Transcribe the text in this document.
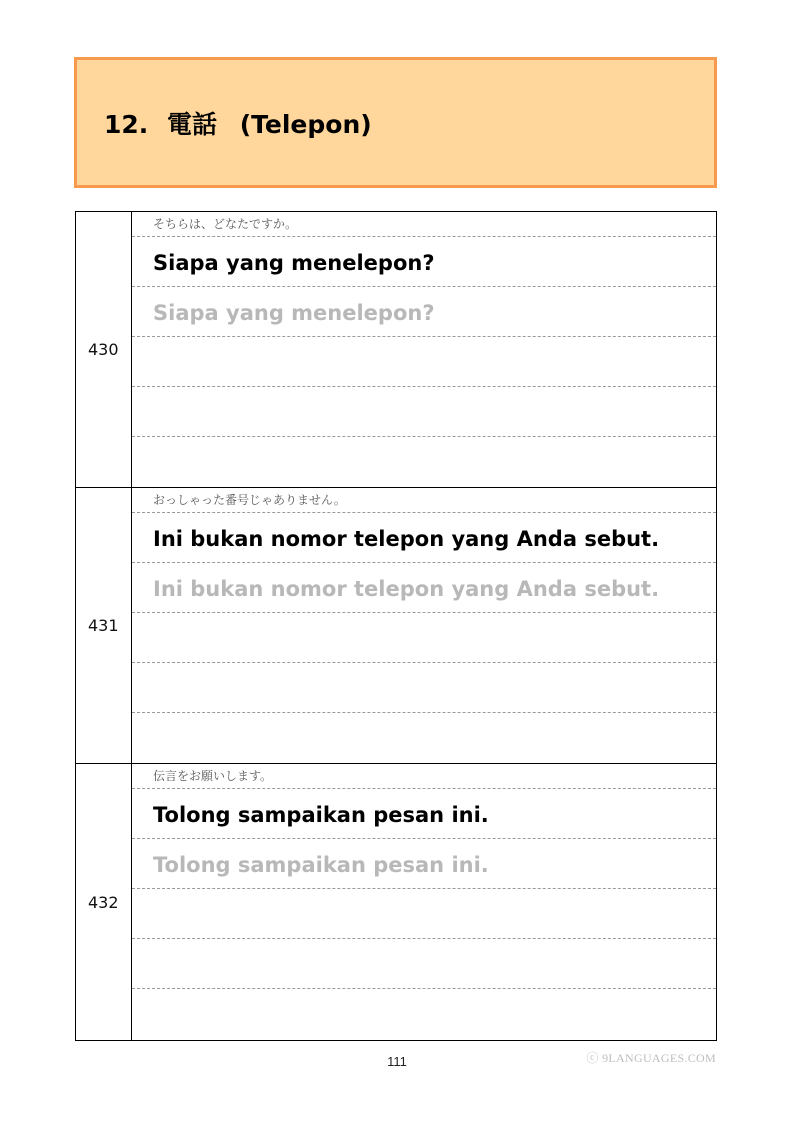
12. 電話 (Telepon)
430
そちらは、どなたですか。
Siapa yang menelepon?
Siapa yang menelepon?
431
おっしゃった番号じゃありません。
Ini bukan nomor telepon yang Anda sebut.
Ini bukan nomor telepon yang Anda sebut.
432
伝言をお願いします。
Tolong sampaikan pesan ini.
Tolong sampaikan pesan ini.
111	ⓒ 9LANGUAGES.COM
